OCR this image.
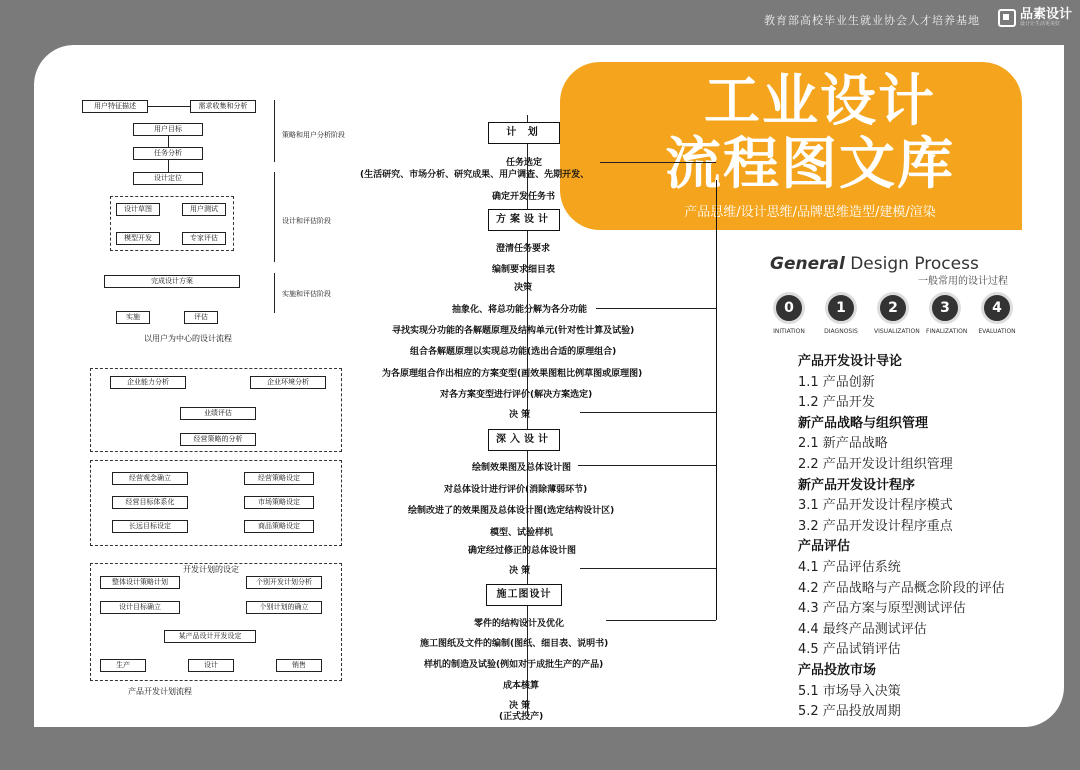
教育部高校毕业生就业协会人才培养基地	品素设计
设计让生活更美好
工业设计
流程图文库
产品思维/设计思维/品牌思维造型/建模/渲染
General Design Process
一般常用的设计过程
0
INITIATION
1
DIAGNOSIS
2
VISUALIZATION
3
FINALIZATION
4
EVALUATION
产品开发设计导论
1.1 产品创新
1.2 产品开发
新产品战略与组织管理
2.1 新产品战略
2.2 产品开发设计组织管理
新产品开发设计程序
3.1 产品开发设计程序模式
3.2 产品开发设计程序重点
产品评估
4.1 产品评估系统
4.2 产品战略与产品概念阶段的评估
4.3 产品方案与原型测试评估
4.4 最终产品测试评估
4.5 产品试销评估
产品投放市场
5.1 市场导入决策
5.2 产品投放周期
用户特征描述	需求收集和分析
用户目标
任务分析
设计定位
设计草图	用户测试
模型开发	专家评估
完成设计方案
实施	评估
策略和用户分析阶段
设计和评估阶段
实施和评估阶段
以用户为中心的设计流程
企业能力分析	企业环境分析
业绩评估
经营策略的分析
经营观念确立
经营目标体系化
长远目标设定
经营策略设定
市场策略设定
商品策略设定
开发计划的设定
整体设计策略计划	个别开发计划分析
设计目标确立	个别计划的确立
某产品设计开发设定
生产	设计	销售
产品开发计划流程
计 划
任务选定
(生活研究、市场分析、研究成果、用户调查、先期开发、
确定开发任务书
方案设计
澄清任务要求
编制要求细目表
决策
抽象化、将总功能分解为各分功能
寻找实现分功能的各解题原理及结构单元(针对性计算及试验)
组合各解题原理以实现总功能(选出合适的原理组合)
为各原理组合作出相应的方案变型(画效果图粗比例草图或原理图)
对各方案变型进行评价(解决方案选定)
决 策
深入设计
绘制效果图及总体设计图
对总体设计进行评价(消除薄弱环节)
绘制改进了的效果图及总体设计图(选定结构设计区)
模型、试验样机
确定经过修正的总体设计图
决 策
施工图设计
零件的结构设计及优化
施工图纸及文件的编制(图纸、细目表、说明书)
样机的制造及试验(例如对于成批生产的产品)
成本核算
决 策
(正式投产)
